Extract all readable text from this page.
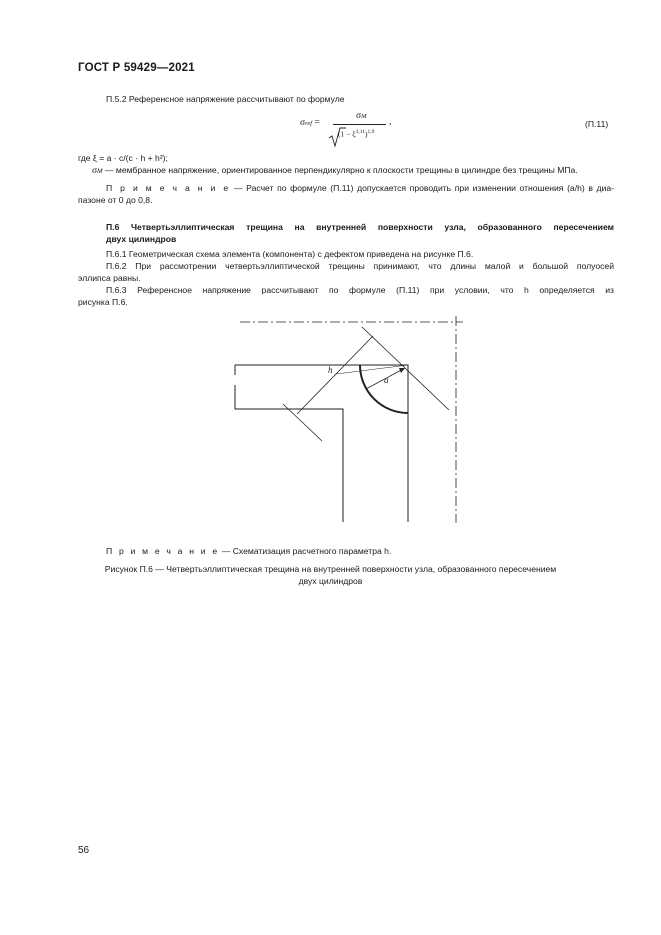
ГОСТ Р 59429—2021
П.5.2 Референсное напряжение рассчитывают по формуле
σref =
σM
$(1 - \xi^{3,11})^{1,9}$
,	(П.11)
где ξ = a · c/(c · h + h²);
σM — мембранное напряжение, ориентированное перпендикулярно к плоскости трещины в цилиндре без трещины МПа.
П р и м е ч а н и е — Расчет по формуле (П.11) допускается проводить при изменении отношения (a/h) в диа-
пазоне от 0 до 0,8.
П.6 Четвертьэллиптическая трещина на внутренней поверхности узла, образованного пересечением
двух цилиндров
П.6.1 Геометрическая схема элемента (компонента) с дефектом приведена на рисунке П.6.
П.6.2 При рассмотрении четвертьэллиптической трещины принимают, что длины малой и большой полуосей
эллипса равны.
П.6.3 Референсное напряжение рассчитывают по формуле (П.11) при условии, что h определяется из
рисунка П.6.
h
a
П р и м е ч а н и е — Схематизация расчетного параметра h.
Рисунок П.6 — Четвертьэллиптическая трещина на внутренней поверхности узла, образованного пересечением
двух цилиндров
56
